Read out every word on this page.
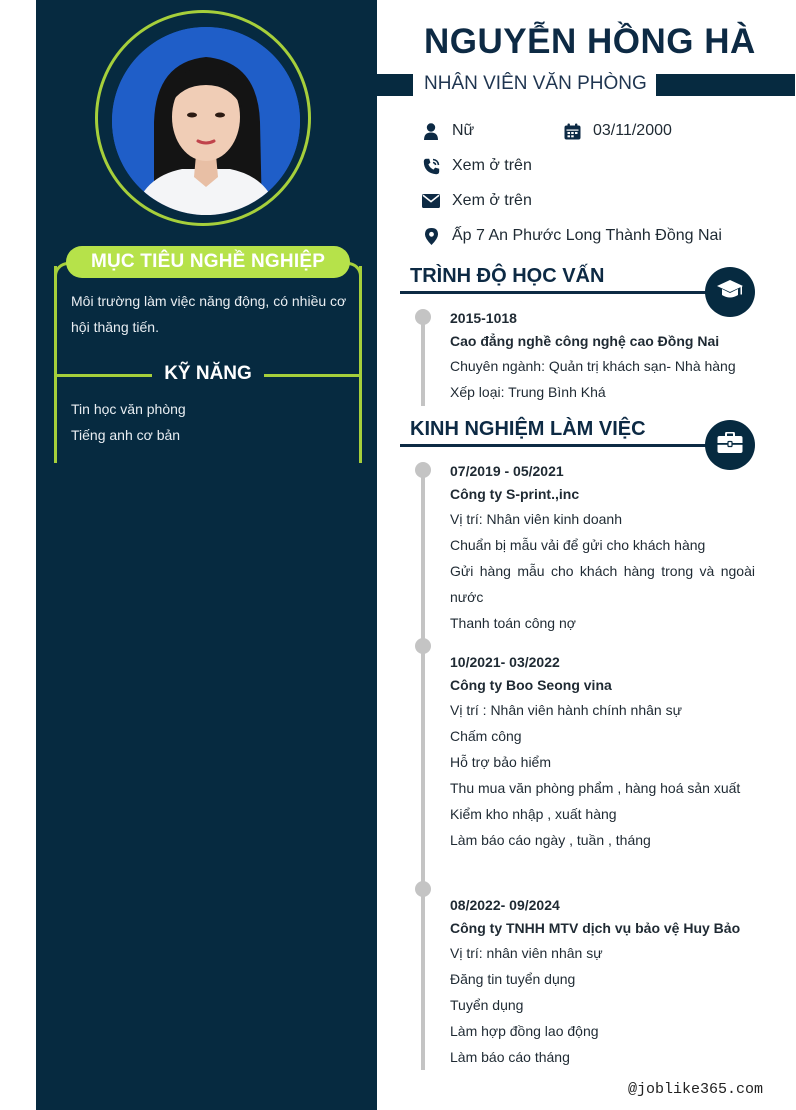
MỤC TIÊU NGHỀ NGHIỆP
Môi trường làm việc năng động, có nhiều cơ hội thăng tiến.
KỸ NĂNG
Tin học văn phòng
Tiếng anh cơ bản
NGUYỄN HỒNG HÀ
NHÂN VIÊN VĂN PHÒNG
Nữ	03/11/2000
Xem ở trên
Xem ở trên
Ấp 7 An Phước Long Thành Đồng Nai
TRÌNH ĐỘ HỌC VẤN
2015-1018
Cao đẳng nghề công nghệ cao Đồng Nai
Chuyên ngành: Quản trị khách sạn- Nhà hàng
Xếp loại: Trung Bình Khá
KINH NGHIỆM LÀM VIỆC
07/2019 - 05/2021
Công ty S-print.,inc
Vị trí: Nhân viên kinh doanh
Chuẩn bị mẫu vải để gửi cho khách hàng
Gửi hàng mẫu cho khách hàng trong và ngoài nước
Thanh toán công nợ
10/2021- 03/2022
Công ty Boo Seong vina
Vị trí : Nhân viên hành chính nhân sự
Chấm công
Hỗ trợ bảo hiểm
Thu mua văn phòng phẩm , hàng hoá sản xuất
Kiểm kho nhập , xuất hàng
Làm báo cáo ngày , tuần , tháng
08/2022- 09/2024
Công ty TNHH MTV dịch vụ bảo vệ Huy Bảo
Vị trí: nhân viên nhân sự
Đăng tin tuyển dụng
Tuyển dụng
Làm hợp đồng lao động
Làm báo cáo tháng
@joblike365.com
